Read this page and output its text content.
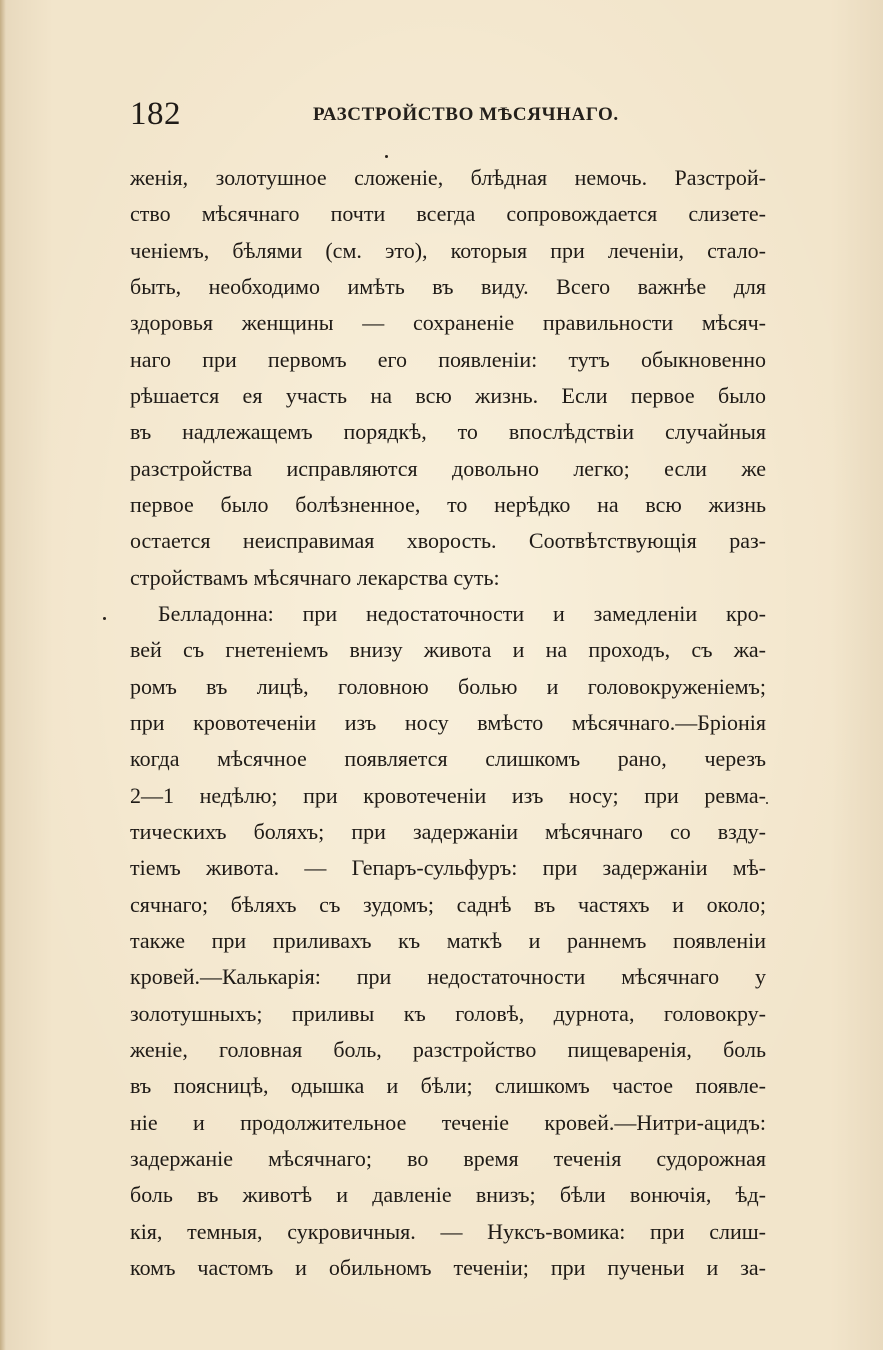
182	РАЗСТРОЙСТВО МѢСЯЧНАГО.
женія, золотушное сложеніе, блѣдная немочь. Разстрой-
ство мѣсячнаго почти всегда сопровождается слизете-
ченіемъ, бѣлями (см. это), которыя при леченіи, стало-
быть, необходимо имѣть въ виду. Всего важнѣе для
здоровья женщины — сохраненіе правильности мѣсяч-
наго при первомъ его появленіи: тутъ обыкновенно
рѣшается ея участь на всю жизнь. Если первое было
въ надлежащемъ порядкѣ, то впослѣдствіи случайныя
разстройства исправляются довольно легко; если же
первое было болѣзненное, то нерѣдко на всю жизнь
остается неисправимая хворость. Соотвѣтствующія раз-
стройствамъ мѣсячнаго лекарства суть:
Белладонна: при недостаточности и замедленіи кро-
вей съ гнетеніемъ внизу живота и на проходъ, съ жа-
ромъ въ лицѣ, головною болью и головокруженіемъ;
при кровотеченіи изъ носу вмѣсто мѣсячнаго.—Бріонія
когда мѣсячное появляется слишкомъ рано, черезъ
2—1 недѣлю; при кровотеченіи изъ носу; при ревма-
тическихъ боляхъ; при задержаніи мѣсячнаго со взду-
тіемъ живота. — Гепаръ-сульфуръ: при задержаніи мѣ-
сячнаго; бѣляхъ съ зудомъ; саднѣ въ частяхъ и около;
также при приливахъ къ маткѣ и раннемъ появленіи
кровей.—Калькарія: при недостаточности мѣсячнаго у
золотушныхъ; приливы къ головѣ, дурнота, головокру-
женіе, головная боль, разстройство пищеваренія, боль
въ поясницѣ, одышка и бѣли; слишкомъ частое появле-
ніе и продолжительное теченіе кровей.—Нитри-ацидъ:
задержаніе мѣсячнаго; во время теченія судорожная
боль въ животѣ и давленіе внизъ; бѣли вонючія, ѣд-
кія, темныя, сукровичныя. — Нуксъ-вомика: при слиш-
комъ частомъ и обильномъ теченіи; при пученьи и за-
